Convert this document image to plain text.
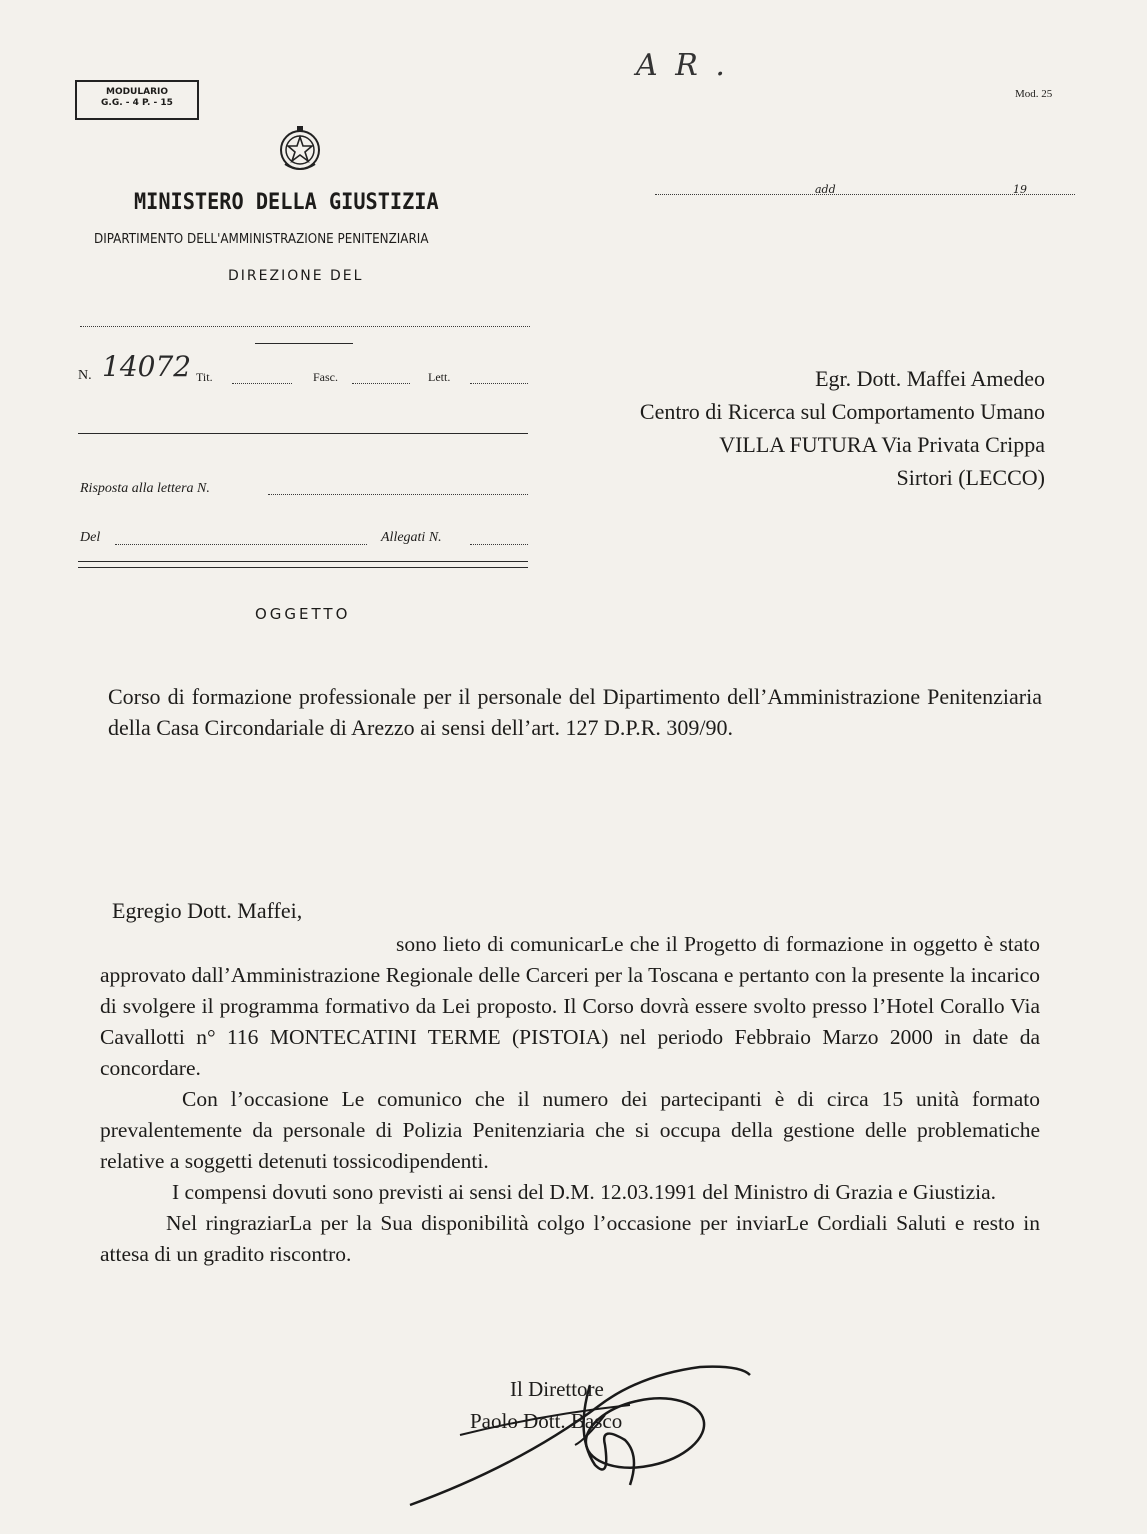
MODULARIO
G.G. - 4 P. - 15
A R .
Mod. 25
MINISTERO DELLA GIUSTIZIA
DIPARTIMENTO DELL'AMMINISTRAZIONE PENITENZIARIA
DIREZIONE DEL
add	19
N. 14072 Tit.	Fasc.	Lett.
Risposta alla lettera N.
Del	Allegati N.
OGGETTO
Egr. Dott. Maffei Amedeo
Centro di Ricerca sul Comportamento Umano
VILLA FUTURA Via Privata Crippa
Sirtori (LECCO)

Corso di formazione professionale per il personale del Dipartimento dell’Amministrazione Penitenziaria della Casa Circondariale di Arezzo ai sensi dell’art. 127 D.P.R. 309/90.

Egregio Dott. Maffei,

sono lieto di comunicarLe che il Progetto di formazione in oggetto è stato approvato dall’Amministrazione Regionale delle Carceri per la Toscana e pertanto con la presente la incarico di svolgere il programma formativo da Lei proposto. Il Corso dovrà essere svolto presso l’Hotel Corallo Via Cavallotti n° 116 MONTECATINI TERME (PISTOIA) nel periodo Febbraio Marzo 2000 in date da concordare.

Con l’occasione Le comunico che il numero dei partecipanti è di circa 15 unità formato prevalentemente da personale di Polizia Penitenziaria che si occupa della gestione delle problematiche relative a soggetti detenuti tossicodipendenti.

I compensi dovuti sono previsti ai sensi del D.M. 12.03.1991 del Ministro di Grazia e Giustizia.

Nel ringraziarLa per la Sua disponibilità colgo l’occasione per inviarLe Cordiali Saluti e resto in attesa di un gradito riscontro.

Il Direttore
Paolo Dott. Basco
